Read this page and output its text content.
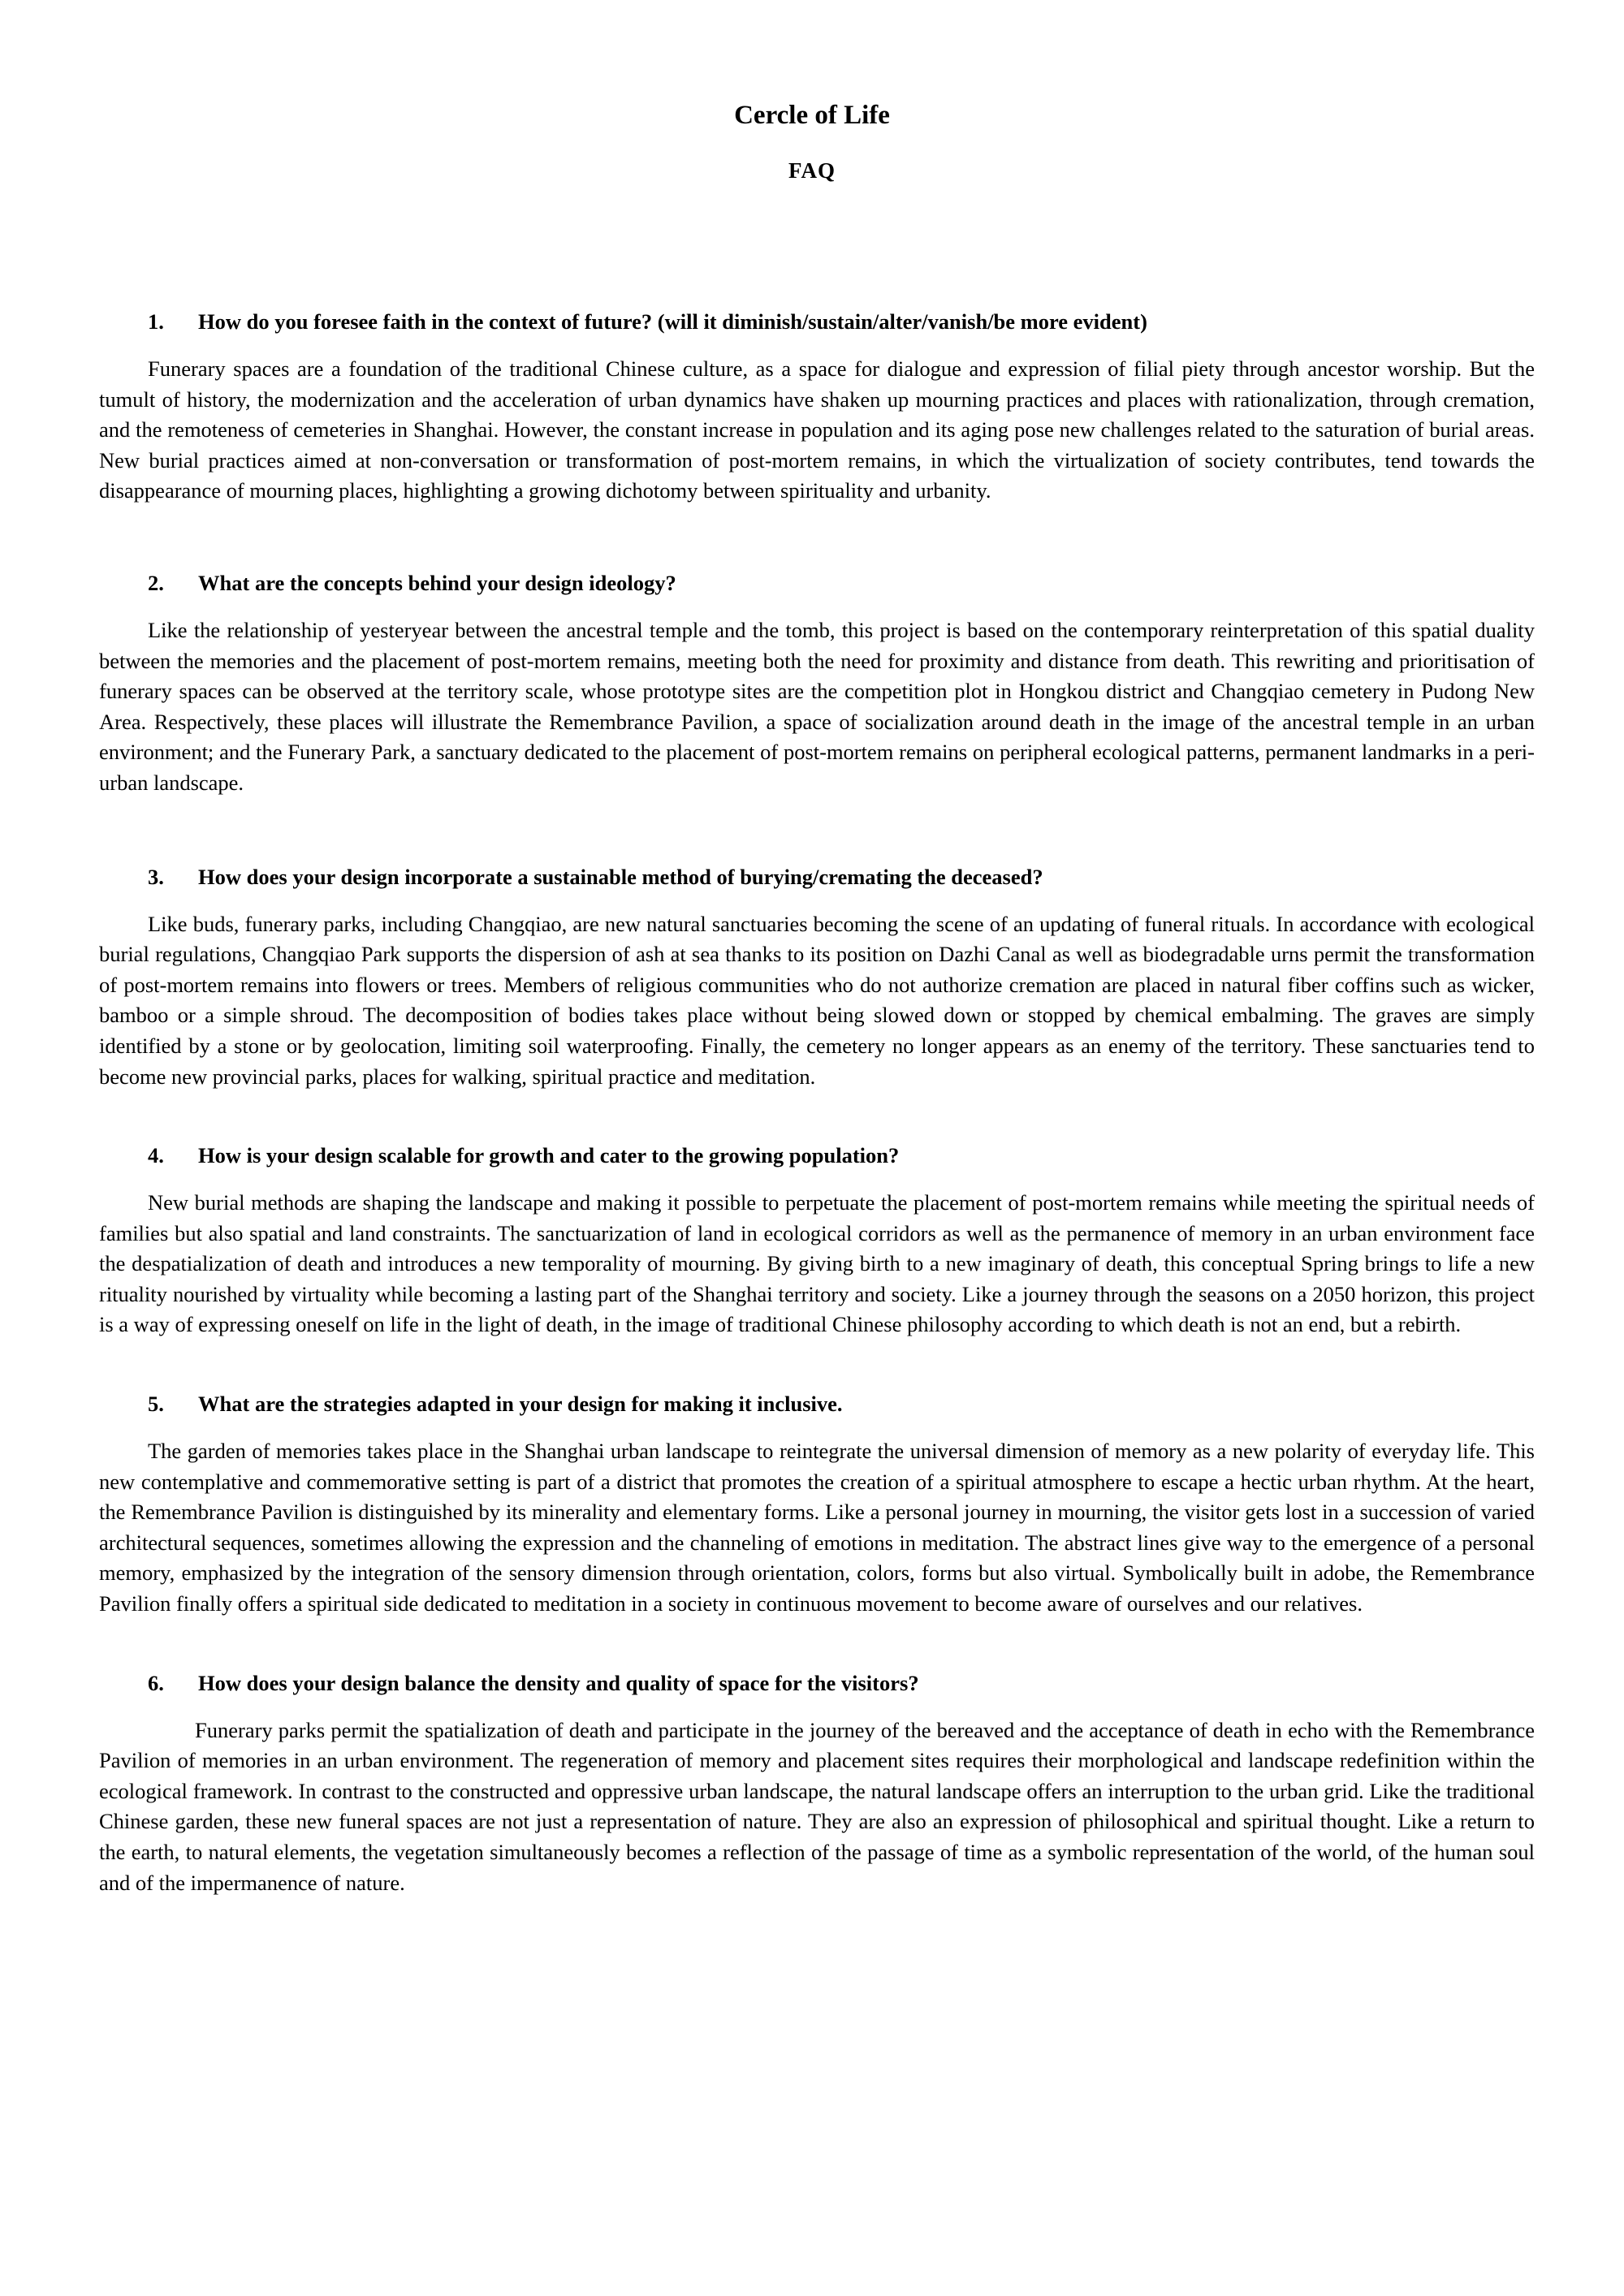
Cercle of Life
FAQ
1.	How do you foresee faith in the context of future? (will it diminish/sustain/alter/vanish/be more evident)

Funerary spaces are a foundation of the traditional Chinese culture, as a space for dialogue and expression of filial piety through ancestor worship. But the tumult of history, the modernization and the acceleration of urban dynamics have shaken up mourning practices and places with rationalization, through cremation, and the remoteness of cemeteries in Shanghai. However, the constant increase in population and its aging pose new challenges related to the saturation of burial areas. New burial practices aimed at non-conversation or transformation of post-mortem remains, in which the virtualization of society contributes, tend towards the disappearance of mourning places, highlighting a growing dichotomy between spirituality and urbanity.

2.	What are the concepts behind your design ideology?

Like the relationship of yesteryear between the ancestral temple and the tomb, this project is based on the contemporary reinterpretation of this spatial duality between the memories and the placement of post-mortem remains, meeting both the need for proximity and distance from death. This rewriting and prioritisation of funerary spaces can be observed at the territory scale, whose prototype sites are the competition plot in Hongkou district and Changqiao cemetery in Pudong New Area. Respectively, these places will illustrate the Remembrance Pavilion, a space of socialization around death in the image of the ancestral temple in an urban environment; and the Funerary Park, a sanctuary dedicated to the placement of post-mortem remains on peripheral ecological patterns, permanent landmarks in a peri-urban landscape.

3.	How does your design incorporate a sustainable method of burying/cremating the deceased?

Like buds, funerary parks, including Changqiao, are new natural sanctuaries becoming the scene of an updating of funeral rituals. In accordance with ecological burial regulations, Changqiao Park supports the dispersion of ash at sea thanks to its position on Dazhi Canal as well as biodegradable urns permit the transformation of post-mortem remains into flowers or trees. Members of religious communities who do not authorize cremation are placed in natural fiber coffins such as wicker, bamboo or a simple shroud. The decomposition of bodies takes place without being slowed down or stopped by chemical embalming. The graves are simply identified by a stone or by geolocation, limiting soil waterproofing. Finally, the cemetery no longer appears as an enemy of the territory. These sanctuaries tend to become new provincial parks, places for walking, spiritual practice and meditation.

4.	How is your design scalable for growth and cater to the growing population?

New burial methods are shaping the landscape and making it possible to perpetuate the placement of post-mortem remains while meeting the spiritual needs of families but also spatial and land constraints. The sanctuarization of land in ecological corridors as well as the permanence of memory in an urban environment face the despatialization of death and introduces a new temporality of mourning. By giving birth to a new imaginary of death, this conceptual Spring brings to life a new rituality nourished by virtuality while becoming a lasting part of the Shanghai territory and society. Like a journey through the seasons on a 2050 horizon, this project is a way of expressing oneself on life in the light of death, in the image of traditional Chinese philosophy according to which death is not an end, but a rebirth.

5.	What are the strategies adapted in your design for making it inclusive.

The garden of memories takes place in the Shanghai urban landscape to reintegrate the universal dimension of memory as a new polarity of everyday life. This new contemplative and commemorative setting is part of a district that promotes the creation of a spiritual atmosphere to escape a hectic urban rhythm. At the heart, the Remembrance Pavilion is distinguished by its minerality and elementary forms. Like a personal journey in mourning, the visitor gets lost in a succession of varied architectural sequences, sometimes allowing the expression and the channeling of emotions in meditation. The abstract lines give way to the emergence of a personal memory, emphasized by the integration of the sensory dimension through orientation, colors, forms but also virtual. Symbolically built in adobe, the Remembrance Pavilion finally offers a spiritual side dedicated to meditation in a society in continuous movement to become aware of ourselves and our relatives.

6.	How does your design balance the density and quality of space for the visitors?

Funerary parks permit the spatialization of death and participate in the journey of the bereaved and the acceptance of death in echo with the Remembrance Pavilion of memories in an urban environment. The regeneration of memory and placement sites requires their morphological and landscape redefinition within the ecological framework. In contrast to the constructed and oppressive urban landscape, the natural landscape offers an interruption to the urban grid. Like the traditional Chinese garden, these new funeral spaces are not just a representation of nature. They are also an expression of philosophical and spiritual thought. Like a return to the earth, to natural elements, the vegetation simultaneously becomes a reflection of the passage of time as a symbolic representation of the world, of the human soul and of the impermanence of nature.
